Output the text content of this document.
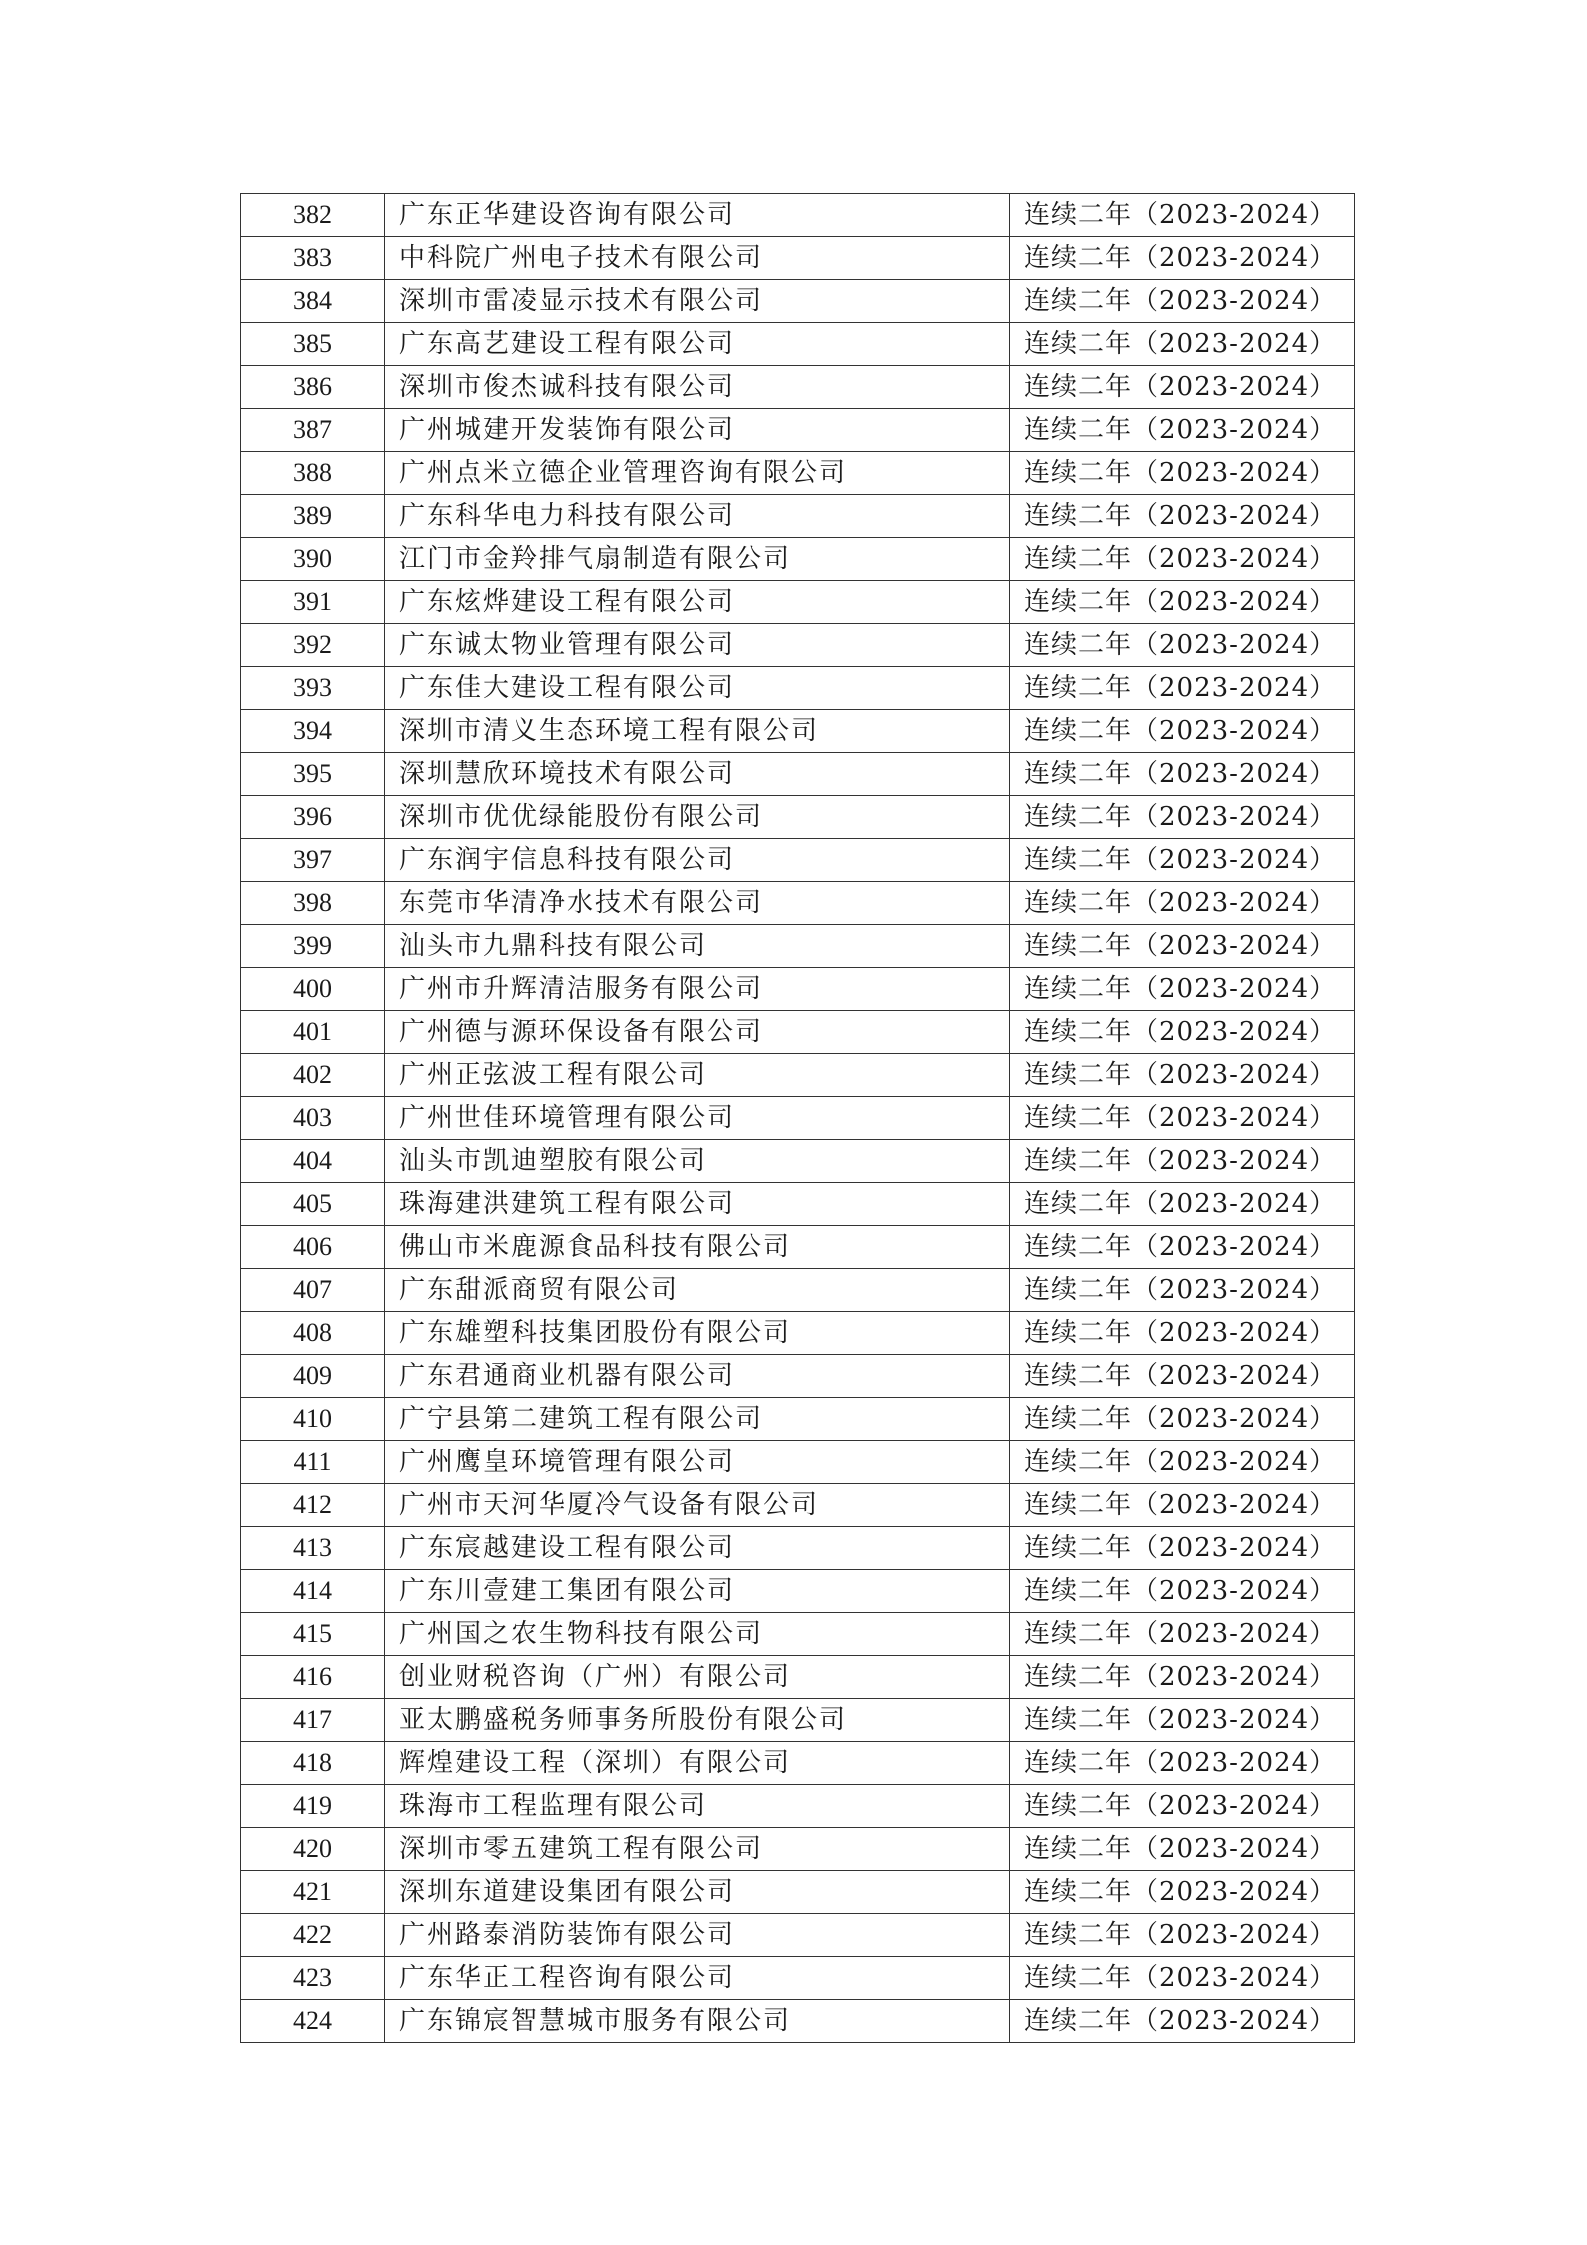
382	广东正华建设咨询有限公司	连续二年（2023-2024）
383	中科院广州电子技术有限公司	连续二年（2023-2024）
384	深圳市雷凌显示技术有限公司	连续二年（2023-2024）
385	广东高艺建设工程有限公司	连续二年（2023-2024）
386	深圳市俊杰诚科技有限公司	连续二年（2023-2024）
387	广州城建开发装饰有限公司	连续二年（2023-2024）
388	广州点米立德企业管理咨询有限公司	连续二年（2023-2024）
389	广东科华电力科技有限公司	连续二年（2023-2024）
390	江门市金羚排气扇制造有限公司	连续二年（2023-2024）
391	广东炫烨建设工程有限公司	连续二年（2023-2024）
392	广东诚太物业管理有限公司	连续二年（2023-2024）
393	广东佳大建设工程有限公司	连续二年（2023-2024）
394	深圳市清义生态环境工程有限公司	连续二年（2023-2024）
395	深圳慧欣环境技术有限公司	连续二年（2023-2024）
396	深圳市优优绿能股份有限公司	连续二年（2023-2024）
397	广东润宇信息科技有限公司	连续二年（2023-2024）
398	东莞市华清净水技术有限公司	连续二年（2023-2024）
399	汕头市九鼎科技有限公司	连续二年（2023-2024）
400	广州市升辉清洁服务有限公司	连续二年（2023-2024）
401	广州德与源环保设备有限公司	连续二年（2023-2024）
402	广州正弦波工程有限公司	连续二年（2023-2024）
403	广州世佳环境管理有限公司	连续二年（2023-2024）
404	汕头市凯迪塑胶有限公司	连续二年（2023-2024）
405	珠海建洪建筑工程有限公司	连续二年（2023-2024）
406	佛山市米鹿源食品科技有限公司	连续二年（2023-2024）
407	广东甜派商贸有限公司	连续二年（2023-2024）
408	广东雄塑科技集团股份有限公司	连续二年（2023-2024）
409	广东君通商业机器有限公司	连续二年（2023-2024）
410	广宁县第二建筑工程有限公司	连续二年（2023-2024）
411	广州鹰皇环境管理有限公司	连续二年（2023-2024）
412	广州市天河华厦冷气设备有限公司	连续二年（2023-2024）
413	广东宸越建设工程有限公司	连续二年（2023-2024）
414	广东川壹建工集团有限公司	连续二年（2023-2024）
415	广州国之农生物科技有限公司	连续二年（2023-2024）
416	创业财税咨询（广州）有限公司	连续二年（2023-2024）
417	亚太鹏盛税务师事务所股份有限公司	连续二年（2023-2024）
418	辉煌建设工程（深圳）有限公司	连续二年（2023-2024）
419	珠海市工程监理有限公司	连续二年（2023-2024）
420	深圳市零五建筑工程有限公司	连续二年（2023-2024）
421	深圳东道建设集团有限公司	连续二年（2023-2024）
422	广州路泰消防装饰有限公司	连续二年（2023-2024）
423	广东华正工程咨询有限公司	连续二年（2023-2024）
424	广东锦宸智慧城市服务有限公司	连续二年（2023-2024）
